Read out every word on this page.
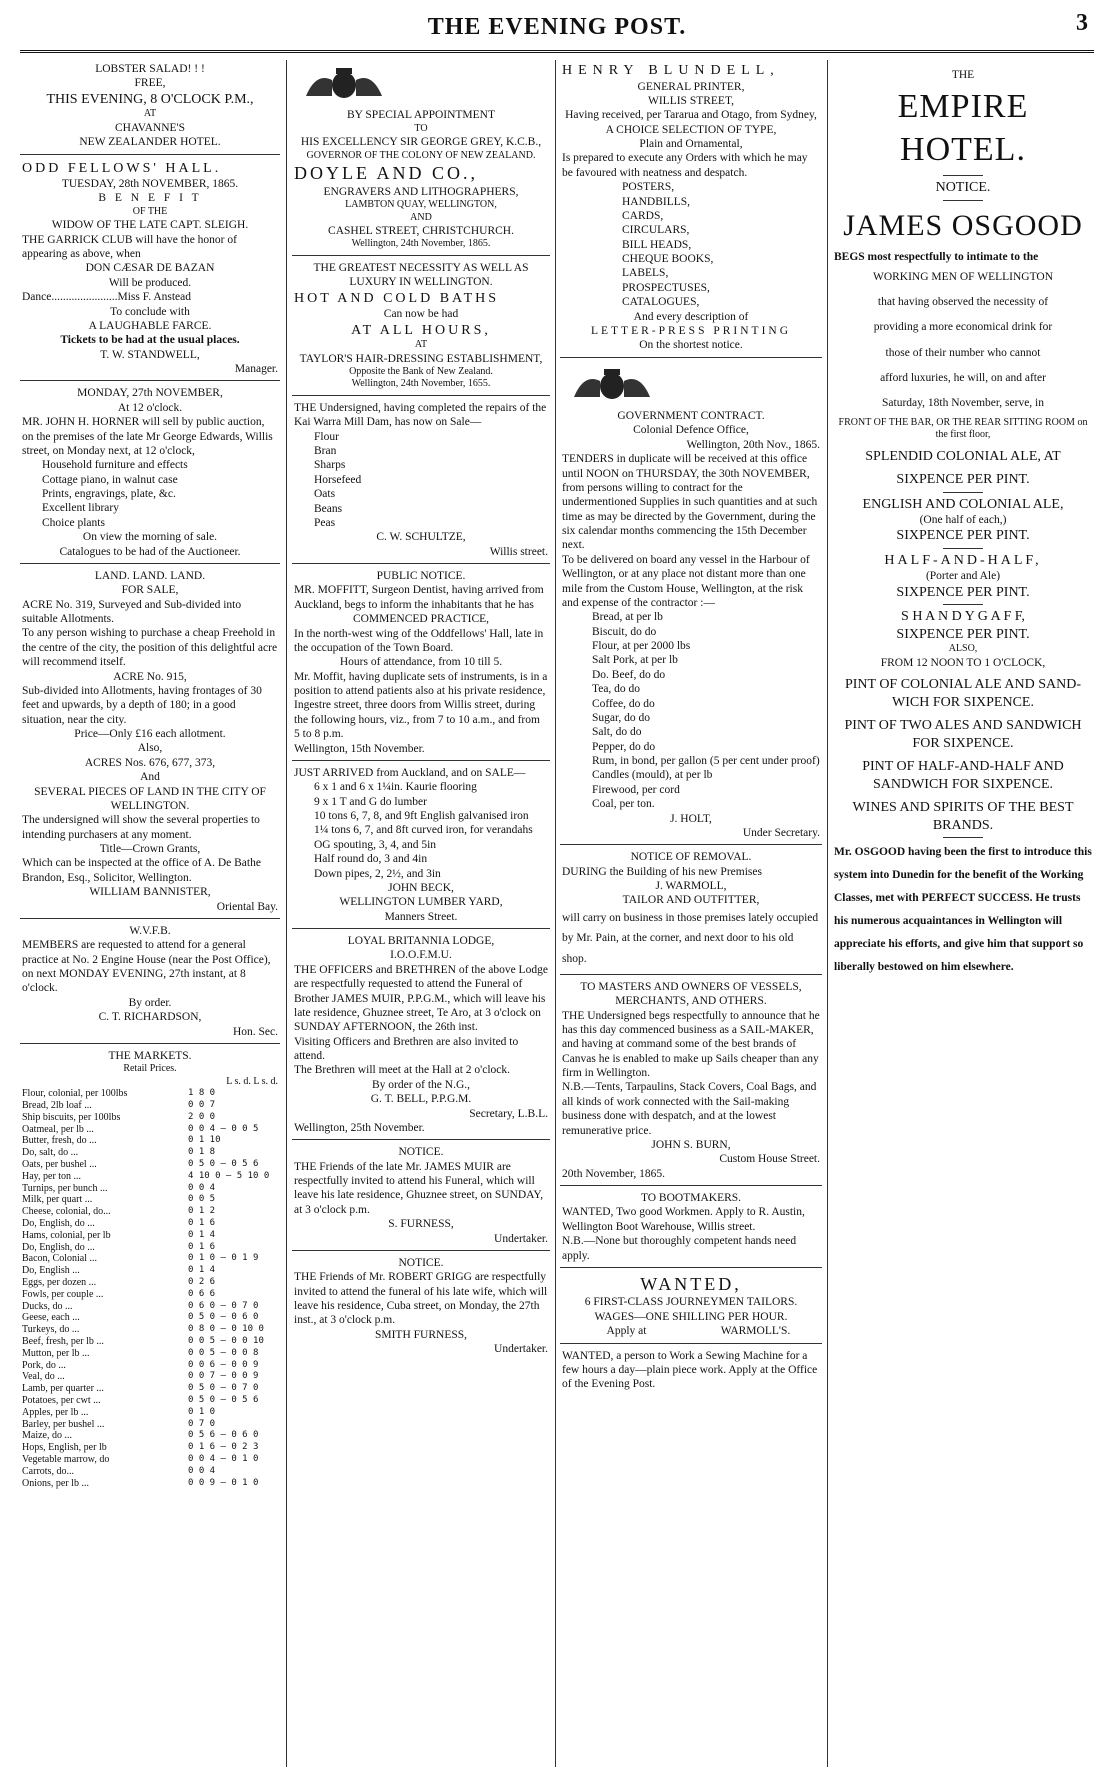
THE EVENING POST.	3
LOBSTER SALAD! ! !
FREE,
THIS EVENING, 8 O'CLOCK P.M.,
AT
CHAVANNE'S
NEW ZEALANDER HOTEL.
ODD FELLOWS' HALL.
TUESDAY, 28th NOVEMBER, 1865.
B E N E F I T
OF THE
WIDOW OF THE LATE CAPT. SLEIGH.
THE GARRICK CLUB will have the honor of appearing as above, when
DON CÆSAR DE BAZAN
Will be produced.
Dance.......................Miss F. Anstead
To conclude with
A LAUGHABLE FARCE.
Tickets to be had at the usual places.
T. W. STANDWELL,
Manager.
MONDAY, 27th NOVEMBER,
At 12 o'clock.
MR. JOHN H. HORNER will sell by public auction, on the premises of the late Mr George Edwards, Willis street, on Monday next, at 12 o'clock,
Household furniture and effects
Cottage piano, in walnut case
Prints, engravings, plate, &c.
Excellent library
Choice plants
On view the morning of sale.
Catalogues to be had of the Auctioneer.
LAND. LAND. LAND.
FOR SALE,
ACRE No. 319, Surveyed and Sub-divided into suitable Allotments.
To any person wishing to purchase a cheap Freehold in the centre of the city, the position of this delightful acre will recommend itself.
ACRE No. 915,
Sub-divided into Allotments, having frontages of 30 feet and upwards, by a depth of 180; in a good situation, near the city.
Price—Only £16 each allotment.
Also,
ACRES Nos. 676, 677, 373,
And
SEVERAL PIECES OF LAND IN THE CITY OF WELLINGTON.
The undersigned will show the several properties to intending purchasers at any moment.
Title—Crown Grants,
Which can be inspected at the office of A. De Bathe Brandon, Esq., Solicitor, Wellington.
WILLIAM BANNISTER,
Oriental Bay.
W.V.F.B.
MEMBERS are requested to attend for a general practice at No. 2 Engine House (near the Post Office), on next MONDAY EVENING, 27th instant, at 8 o'clock.
By order.
C. T. RICHARDSON,
Hon. Sec.
THE MARKETS.
Retail Prices.
L s. d. L s. d.
Flour, colonial, per 100lbs	1 8 0
Bread, 2lb loaf ...	0 0 7
Ship biscuits, per 100lbs	2 0 0
Oatmeal, per lb ...	0 0 4 — 0 0 5
Butter, fresh, do ...	0 1 10
Do, salt, do ...	0 1 8
Oats, per bushel ...	0 5 0 — 0 5 6
Hay, per ton ...	4 10 0 — 5 10 0
Turnips, per bunch ...	0 0 4
Milk, per quart ...	0 0 5
Cheese, colonial, do...	0 1 2
Do, English, do ...	0 1 6
Hams, colonial, per lb	0 1 4
Do, English, do ...	0 1 6
Bacon, Colonial ...	0 1 0 — 0 1 9
Do, English ...	0 1 4
Eggs, per dozen ...	0 2 6
Fowls, per couple ...	0 6 6
Ducks, do ...	0 6 0 — 0 7 0
Geese, each ...	0 5 0 — 0 6 0
Turkeys, do ...	0 8 0 — 0 10 0
Beef, fresh, per lb ...	0 0 5 — 0 0 10
Mutton, per lb ...	0 0 5 — 0 0 8
Pork, do ...	0 0 6 — 0 0 9
Veal, do ...	0 0 7 — 0 0 9
Lamb, per quarter ...	0 5 0 — 0 7 0
Potatoes, per cwt ...	0 5 0 — 0 5 6
Apples, per lb ...	0 1 0
Barley, per bushel ...	0 7 0
Maize, do ...	0 5 6 — 0 6 0
Hops, English, per lb	0 1 6 — 0 2 3
Vegetable marrow, do	0 0 4 — 0 1 0
Carrots, do...	0 0 4
Onions, per lb ...	0 0 9 — 0 1 0
BY SPECIAL APPOINTMENT
TO
HIS EXCELLENCY SIR GEORGE GREY, K.C.B.,
GOVERNOR OF THE COLONY OF NEW ZEALAND.
DOYLE AND CO.,
ENGRAVERS AND LITHOGRAPHERS,
LAMBTON QUAY, WELLINGTON,
AND
CASHEL STREET, CHRISTCHURCH.
Wellington, 24th November, 1865.
THE GREATEST NECESSITY AS WELL AS LUXURY IN WELLINGTON.
HOT AND COLD BATHS
Can now be had
AT ALL HOURS,
AT
TAYLOR'S HAIR-DRESSING ESTABLISHMENT,
Opposite the Bank of New Zealand.
Wellington, 24th November, 1655.
THE Undersigned, having completed the repairs of the Kai Warra Mill Dam, has now on Sale—
Flour
Bran
Sharps
Horsefeed
Oats
Beans
Peas
C. W. SCHULTZE,
Willis street.
PUBLIC NOTICE.
MR. MOFFITT, Surgeon Dentist, having arrived from Auckland, begs to inform the inhabitants that he has
COMMENCED PRACTICE,
In the north-west wing of the Oddfellows' Hall, late in the occupation of the Town Board.
Hours of attendance, from 10 till 5.
Mr. Moffit, having duplicate sets of instruments, is in a position to attend patients also at his private residence, Ingestre street, three doors from Willis street, during the following hours, viz., from 7 to 10 a.m., and from 5 to 8 p.m.
Wellington, 15th November.
JUST ARRIVED from Auckland, and on SALE—
6 x 1 and 6 x 1¼in. Kaurie flooring
9 x 1 T and G do lumber
10 tons 6, 7, 8, and 9ft English galvanised iron
1¼ tons 6, 7, and 8ft curved iron, for verandahs
OG spouting, 3, 4, and 5in
Half round do, 3 and 4in
Down pipes, 2, 2½, and 3in
JOHN BECK,
WELLINGTON LUMBER YARD,
Manners Street.
LOYAL BRITANNIA LODGE,
I.O.O.F.M.U.
THE OFFICERS and BRETHREN of the above Lodge are respectfully requested to attend the Funeral of Brother JAMES MUIR, P.P.G.M., which will leave his late residence, Ghuznee street, Te Aro, at 3 o'clock on SUNDAY AFTERNOON, the 26th inst.
Visiting Officers and Brethren are also invited to attend.
The Brethren will meet at the Hall at 2 o'clock.
By order of the N.G.,
G. T. BELL, P.P.G.M.
Secretary, L.B.L.
Wellington, 25th November.
NOTICE.
THE Friends of the late Mr. JAMES MUIR are respectfully invited to attend his Funeral, which will leave his late residence, Ghuznee street, on SUNDAY, at 3 o'clock p.m.
S. FURNESS,
Undertaker.
NOTICE.
THE Friends of Mr. ROBERT GRIGG are respectfully invited to attend the funeral of his late wife, which will leave his residence, Cuba street, on Monday, the 27th inst., at 3 o'clock p.m.
SMITH FURNESS,
Undertaker.
HENRY BLUNDELL,
GENERAL PRINTER,
WILLIS STREET,
Having received, per Tararua and Otago, from Sydney,
A CHOICE SELECTION OF TYPE,
Plain and Ornamental,
Is prepared to execute any Orders with which he may be favoured with neatness and despatch.
POSTERS,
HANDBILLS,
CARDS,
CIRCULARS,
BILL HEADS,
CHEQUE BOOKS,
LABELS,
PROSPECTUSES,
CATALOGUES,
And every description of
LETTER-PRESS PRINTING
On the shortest notice.
GOVERNMENT CONTRACT.
Colonial Defence Office,
Wellington, 20th Nov., 1865.
TENDERS in duplicate will be received at this office until NOON on THURSDAY, the 30th NOVEMBER, from persons willing to contract for the undermentioned Supplies in such quantities and at such time as may be directed by the Government, during the six calendar months commencing the 15th December next.
To be delivered on board any vessel in the Harbour of Wellington, or at any place not distant more than one mile from the Custom House, Wellington, at the risk and expense of the contractor :—
Bread, at per lb
Biscuit, do do
Flour, at per 2000 lbs
Salt Pork, at per lb
Do. Beef, do do
Tea, do do
Coffee, do do
Sugar, do do
Salt, do do
Pepper, do do
Rum, in bond, per gallon (5 per cent under proof)
Candles (mould), at per lb
Firewood, per cord
Coal, per ton.
J. HOLT,
Under Secretary.
NOTICE OF REMOVAL.
DURING the Building of his new Premises
J. WARMOLL,
TAILOR AND OUTFITTER,
will carry on business in those premises lately occupied by Mr. Pain, at the corner, and next door to his old shop.
TO MASTERS AND OWNERS OF VESSELS, MERCHANTS, AND OTHERS.
THE Undersigned begs respectfully to announce that he has this day commenced business as a SAIL-MAKER, and having at command some of the best brands of Canvas he is enabled to make up Sails cheaper than any firm in Wellington.
N.B.—Tents, Tarpaulins, Stack Covers, Coal Bags, and all kinds of work connected with the Sail-making business done with despatch, and at the lowest remunerative price.
JOHN S. BURN,
Custom House Street.
20th November, 1865.
TO BOOTMAKERS.
WANTED, Two good Workmen. Apply to R. Austin, Wellington Boot Warehouse, Willis street.
N.B.—None but thoroughly competent hands need apply.
WANTED,
6 FIRST-CLASS JOURNEYMEN TAILORS.
WAGES—ONE SHILLING PER HOUR.
Apply at	WARMOLL'S.
WANTED, a person to Work a Sewing Machine for a few hours a day—plain piece work. Apply at the Office of the Evening Post.
THE
EMPIRE HOTEL.
NOTICE.
JAMES OSGOOD
BEGS most respectfully to intimate to the
WORKING MEN OF WELLINGTON
that having observed the necessity of
providing a more economical drink for
those of their number who cannot
afford luxuries, he will, on and after
Saturday, 18th November, serve, in
FRONT OF THE BAR, OR THE REAR SITTING ROOM on the first floor,
SPLENDID COLONIAL ALE, AT
SIXPENCE PER PINT.
ENGLISH AND COLONIAL ALE,
(One half of each,)
SIXPENCE PER PINT.
HALF-AND-HALF,
(Porter and Ale)
SIXPENCE PER PINT.
S H A N D Y G A F F,
SIXPENCE PER PINT.
ALSO,
FROM 12 NOON TO 1 O'CLOCK,
PINT OF COLONIAL ALE AND SAND-
WICH FOR SIXPENCE.
PINT OF TWO ALES AND SANDWICH
FOR SIXPENCE.
PINT OF HALF-AND-HALF AND
SANDWICH FOR SIXPENCE.
WINES AND SPIRITS OF THE BEST BRANDS.
Mr. OSGOOD having been the first to introduce this system into Dunedin for the benefit of the Working Classes, met with PERFECT SUCCESS. He trusts his numerous acquaintances in Wellington will appreciate his efforts, and give him that support so liberally bestowed on him elsewhere.
